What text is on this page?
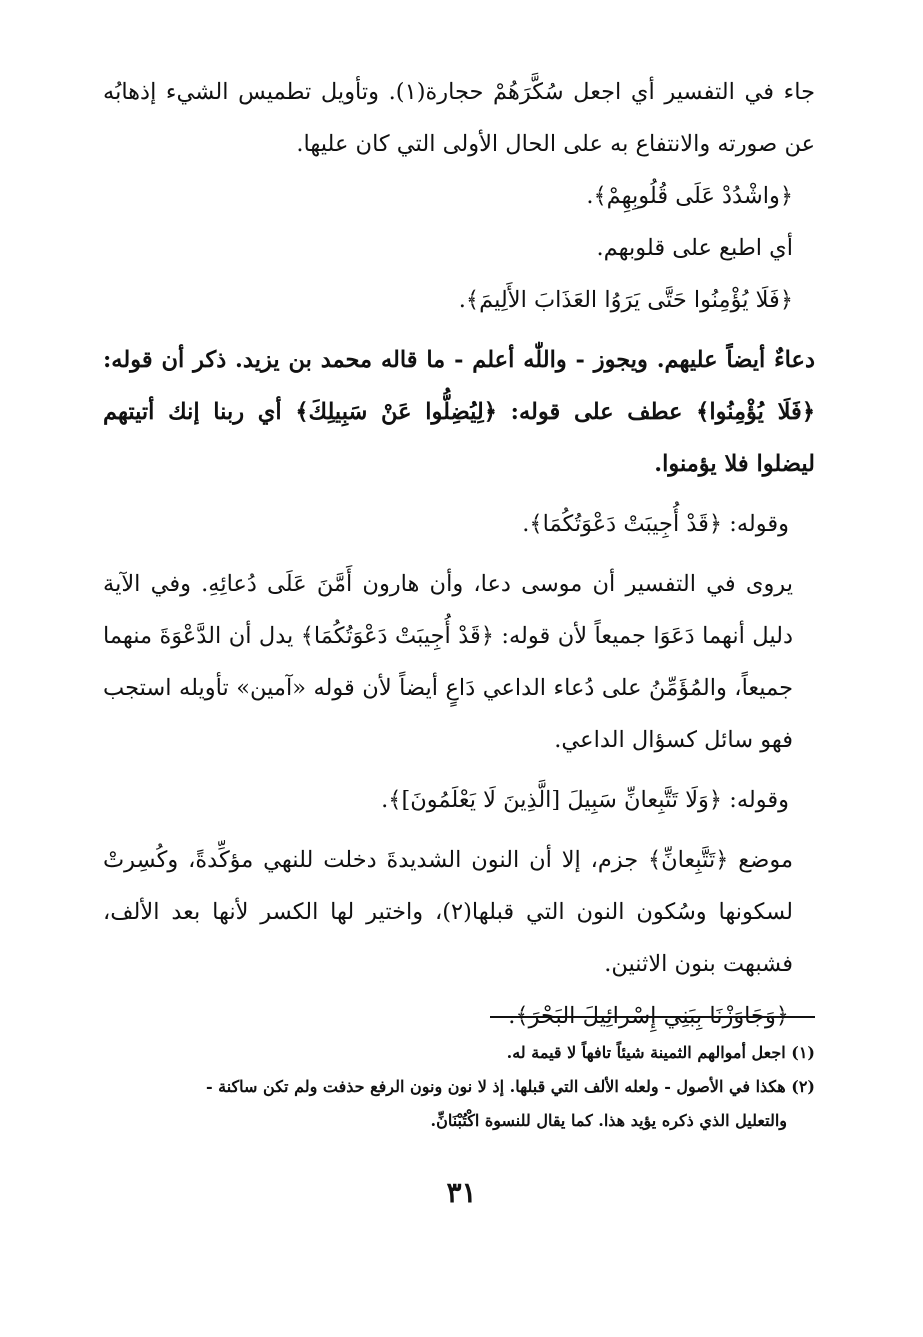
جاء في التفسير أي اجعل سُكَّرَهُمْ حجارة(١). وتأويل تطميس الشيء إذهابُه عن صورته والانتفاع به على الحال الأولى التي كان عليها.

﴿واشْدُدْ عَلَى قُلُوبِهِمْ﴾.

أي اطبع على قلوبهم.

﴿فَلَا يُؤْمِنُوا حَتَّى يَرَوُا العَذَابَ الأَلِيمَ﴾.

دعاءٌ أيضاً عليهم. ويجوز - واللّٰه أعلم - ما قاله محمد بن يزيد. ذكر أن قوله: ﴿فَلَا يُؤْمِنُوا﴾ عطف على قوله: ﴿لِيُضِلُّوا عَنْ سَبِيلِكَ﴾ أي ربنا إنك أتيتهم ليضلوا فلا يؤمنوا.

وقوله: ﴿قَدْ أُجِيبَتْ دَعْوَتُكُمَا﴾.

يروى في التفسير أن موسى دعا، وأن هارون أَمَّنَ عَلَى دُعائِهِ. وفي الآية دليل أنهما دَعَوَا جميعاً لأن قوله: ﴿قَدْ أُجِيبَتْ دَعْوَتُكُمَا﴾ يدل أن الدَّعْوَةَ منهما جميعاً، والمُؤَمِّنُ على دُعاء الداعي دَاعٍ أيضاً لأن قوله «آمين» تأويله استجب فهو سائل كسؤال الداعي.

وقوله: ﴿وَلَا تَتَّبِعانِّ سَبِيلَ [الَّذِينَ لَا يَعْلَمُونَ]﴾.

موضع ﴿تَتَّبِعانِّ﴾ جزم، إلا أن النون الشديدةَ دخلت للنهي مؤكِّدةً، وكُسِرتْ لسكونها وسُكون النون التي قبلها(٢)، واختير لها الكسر لأنها بعد الألف، فشبهت بنون الاثنين.

﴿وَجَاوَزْنَا بِبَنِي إِسْرائِيلَ البَحْرَ﴾.

(١) اجعل أموالهم الثمينة شيئاً تافهاً لا قيمة له.

(٢) هكذا في الأصول - ولعله الألف التي قبلها. إذ لا نون ونون الرفع حذفت ولم تكن ساكنة -

والتعليل الذي ذكره يؤيد هذا. كما يقال للنسوة اكْتُبْنَانِّ.

٣١
